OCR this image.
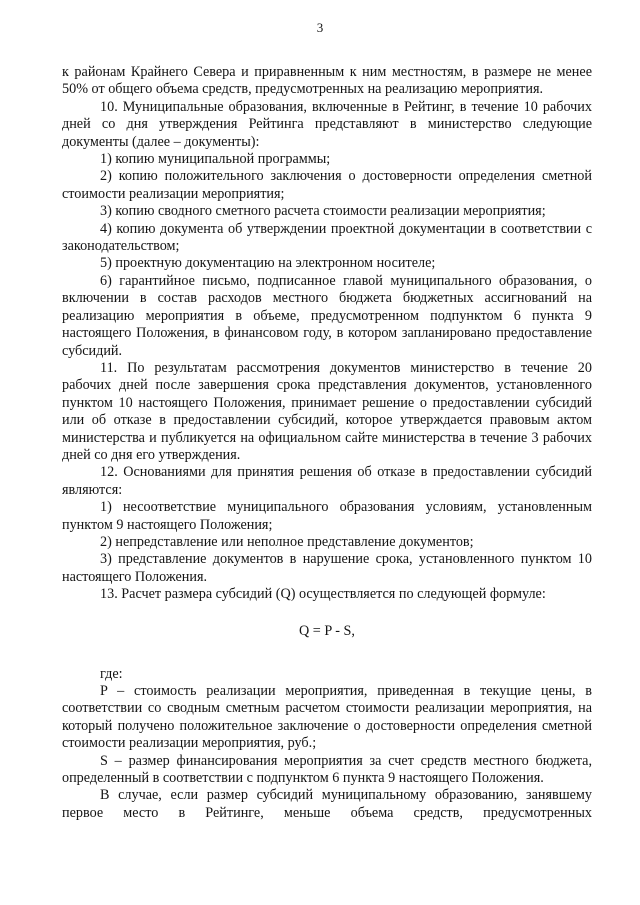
3

к районам Крайнего Севера и приравненным к ним местностям, в размере не менее 50% от общего объема средств, предусмотренных на реализацию мероприятия.

10. Муниципальные образования, включенные в Рейтинг, в течение 10 рабочих дней со дня утверждения Рейтинга представляют в министерство следующие документы (далее – документы):

1) копию муниципальной программы;

2) копию положительного заключения о достоверности определения сметной стоимости реализации мероприятия;

3) копию сводного сметного расчета стоимости реализации мероприятия;

4) копию документа об утверждении проектной документации в соответствии с законодательством;

5) проектную документацию на электронном носителе;

6) гарантийное письмо, подписанное главой муниципального образования, о включении в состав расходов местного бюджета бюджетных ассигнований на реализацию мероприятия в объеме, предусмотренном подпунктом 6 пункта 9 настоящего Положения, в финансовом году, в котором запланировано предоставление субсидий.

11. По результатам рассмотрения документов министерство в течение 20 рабочих дней после завершения срока представления документов, установленного пунктом 10 настоящего Положения, принимает решение о предоставлении субсидий или об отказе в предоставлении субсидий, которое утверждается правовым актом министерства и публикуется на официальном сайте министерства в течение 3 рабочих дней со дня его утверждения.

12. Основаниями для принятия решения об отказе в предоставлении субсидий являются:

1) несоответствие муниципального образования условиям, установленным пунктом 9 настоящего Положения;

2) непредставление или неполное представление документов;

3) представление документов в нарушение срока, установленного пунктом 10 настоящего Положения.

13. Расчет размера субсидий (Q) осуществляется по следующей формуле:

Q = P - S,

где:

P – стоимость реализации мероприятия, приведенная в текущие цены, в соответствии со сводным сметным расчетом стоимости реализации мероприятия, на который получено положительное заключение о достоверности определения сметной стоимости реализации мероприятия, руб.;

S – размер финансирования мероприятия за счет средств местного бюджета, определенный в соответствии с подпунктом 6 пункта 9 настоящего Положения.

В случае, если размер субсидий муниципальному образованию, занявшему первое место в Рейтинге, меньше объема средств, предусмотренных
